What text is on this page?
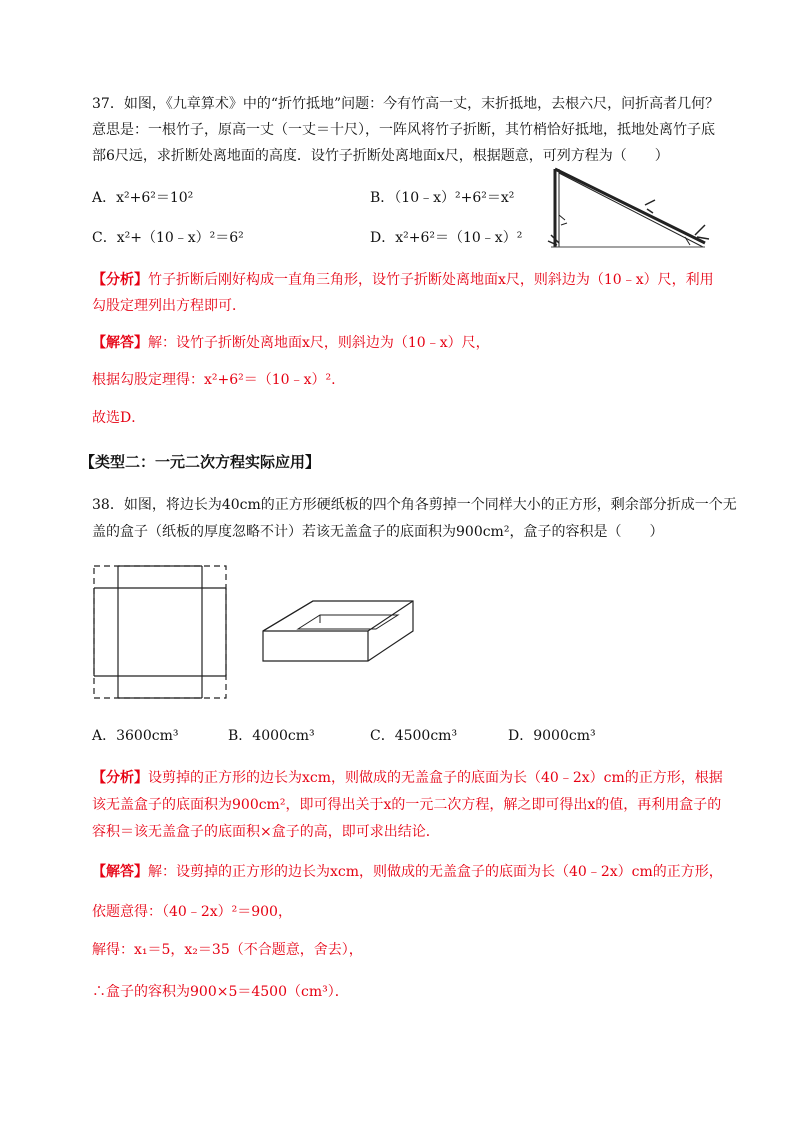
37．如图，《九章算术》中的“折竹抵地”问题：今有竹高一丈，末折抵地，去根六尺，问折高者几何？
意思是：一根竹子，原高一丈（一丈＝十尺），一阵风将竹子折断，其竹梢恰好抵地，抵地处离竹子底
部6尺远，求折断处离地面的高度．设竹子折断处离地面x尺，根据题意，可列方程为（　　）
A．x²+6²＝10²	B．（10﹣x）²+6²＝x²
C．x²+（10﹣x）²＝6²	D．x²+6²＝（10﹣x）²
【分析】竹子折断后刚好构成一直角三角形，设竹子折断处离地面x尺，则斜边为（10﹣x）尺，利用
勾股定理列出方程即可．
【解答】解：设竹子折断处离地面x尺，则斜边为（10﹣x）尺，
根据勾股定理得：x²+6²＝（10﹣x）².
故选D．
【类型二：一元二次方程实际应用】
38．如图，将边长为40cm的正方形硬纸板的四个角各剪掉一个同样大小的正方形，剩余部分折成一个无
盖的盒子（纸板的厚度忽略不计）若该无盖盒子的底面积为900cm²，盒子的容积是（　　）
A．3600cm³	B．4000cm³	C．4500cm³	D．9000cm³
【分析】设剪掉的正方形的边长为xcm，则做成的无盖盒子的底面为长（40﹣2x）cm的正方形，根据
该无盖盒子的底面积为900cm²，即可得出关于x的一元二次方程，解之即可得出x的值，再利用盒子的
容积＝该无盖盒子的底面积×盒子的高，即可求出结论．
【解答】解：设剪掉的正方形的边长为xcm，则做成的无盖盒子的底面为长（40﹣2x）cm的正方形，
依题意得：（40﹣2x）²＝900，
解得：x₁＝5，x₂＝35（不合题意，舍去），
∴盒子的容积为900×5＝4500（cm³）．
